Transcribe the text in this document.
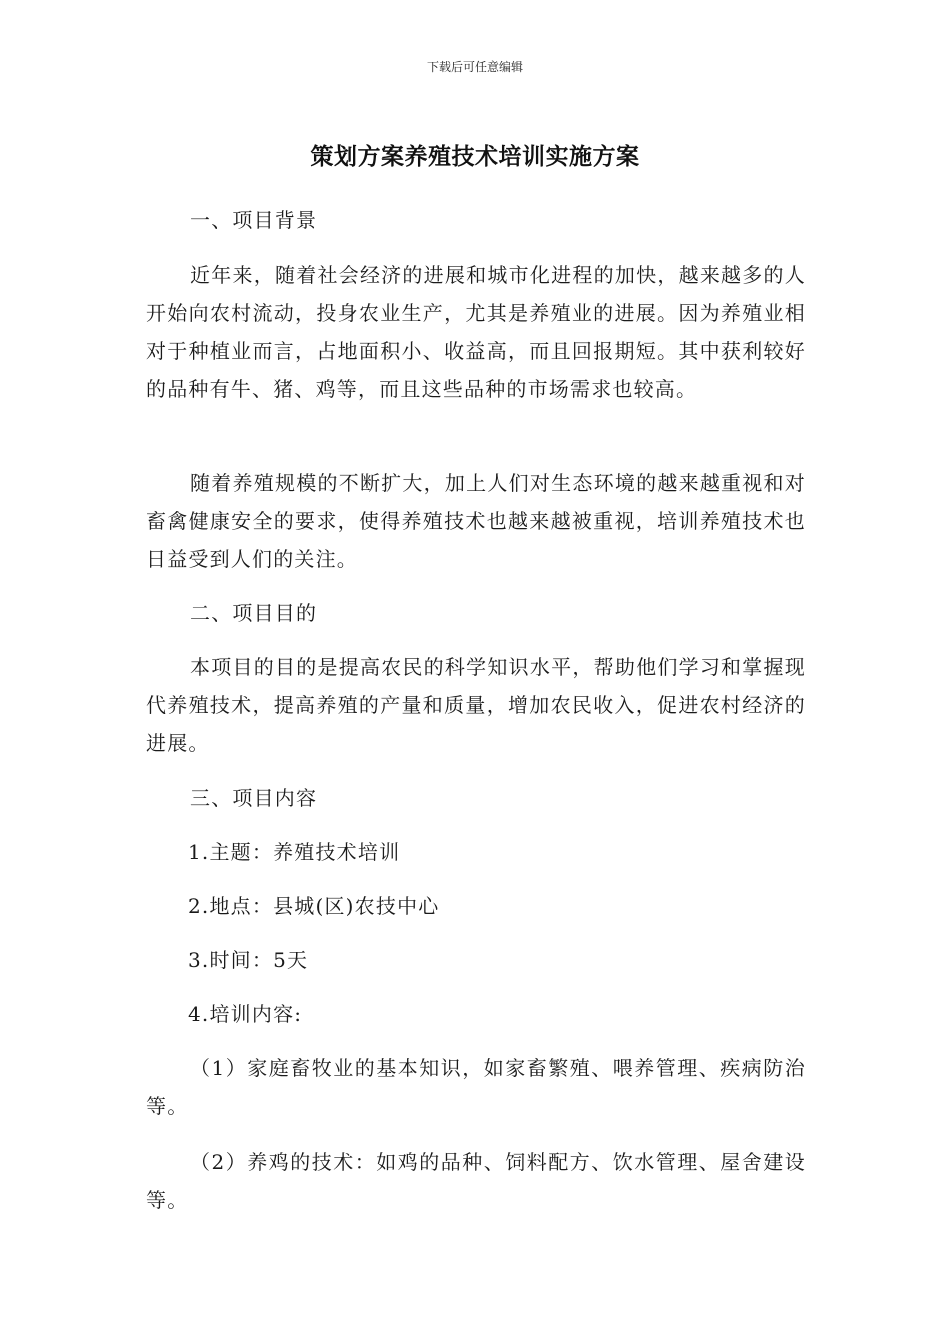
下载后可任意编辑
策划方案养殖技术培训实施方案
一、项目背景

近年来，随着社会经济的进展和城市化进程的加快，越来越多的人开始向农村流动，投身农业生产，尤其是养殖业的进展。因为养殖业相对于种植业而言，占地面积小、收益高，而且回报期短。其中获利较好的品种有牛、猪、鸡等，而且这些品种的市场需求也较高。

随着养殖规模的不断扩大，加上人们对生态环境的越来越重视和对畜禽健康安全的要求，使得养殖技术也越来越被重视，培训养殖技术也日益受到人们的关注。

二、项目目的

本项目的目的是提高农民的科学知识水平，帮助他们学习和掌握现代养殖技术，提高养殖的产量和质量，增加农民收入，促进农村经济的进展。

三、项目内容
1.主题：养殖技术培训
2.地点：县城(区)农技中心
3.时间：5天
4.培训内容:

（1）家庭畜牧业的基本知识，如家畜繁殖、喂养管理、疾病防治等。

（2）养鸡的技术：如鸡的品种、饲料配方、饮水管理、屋舍建设等。
